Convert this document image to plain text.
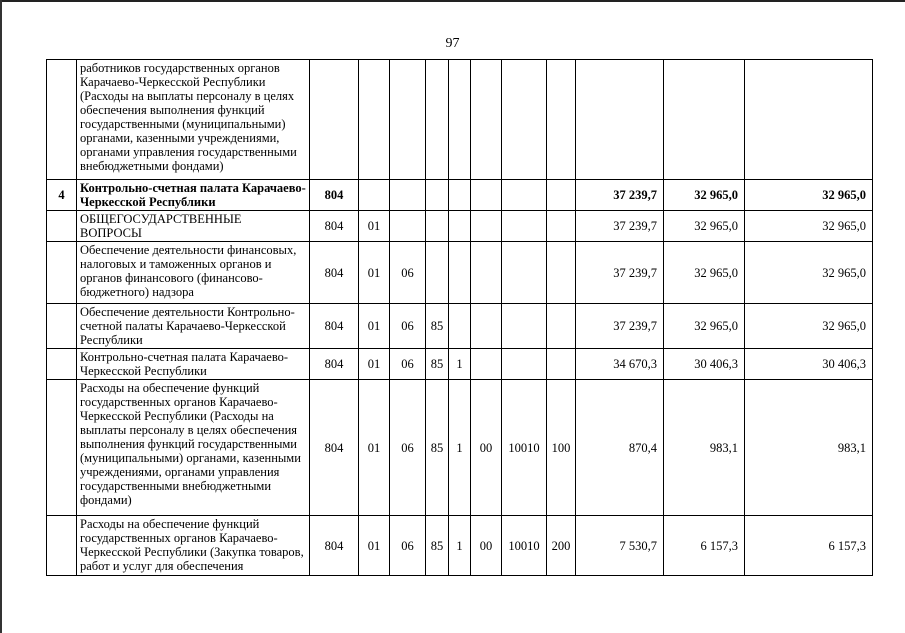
97
	работников государственных органов Карачаево-Черкесской Республики (Расходы на выплаты персоналу в целях обеспечения выполнения функций государственными (муниципальными) органами, казенными учреждениями, органами управления государственными внебюджетными фондами)											
4	Контрольно-счетная палата Карачаево-Черкесской Республики	804								37 239,7	32 965,0	32 965,0
	ОБЩЕГОСУДАРСТВЕННЫЕ ВОПРОСЫ	804	01							37 239,7	32 965,0	32 965,0
	Обеспечение деятельности финансовых, налоговых и таможенных органов и органов финансового (финансово-бюджетного) надзора	804	01	06						37 239,7	32 965,0	32 965,0
	Обеспечение деятельности Контрольно-счетной палаты Карачаево-Черкесской Республики	804	01	06	85					37 239,7	32 965,0	32 965,0
	Контрольно-счетная палата Карачаево-Черкесской Республики	804	01	06	85	1				34 670,3	30 406,3	30 406,3
	Расходы на обеспечение функций государственных органов Карачаево-Черкесской Республики (Расходы на выплаты персоналу в целях обеспечения выполнения функций государственными (муниципальными) органами, казенными учреждениями, органами управления государственными внебюджетными фондами)	804	01	06	85	1	00	10010	100	870,4	983,1	983,1
	Расходы на обеспечение функций государственных органов Карачаево-Черкесской Республики (Закупка товаров, работ и услуг для обеспечения	804	01	06	85	1	00	10010	200	7 530,7	6 157,3	6 157,3
